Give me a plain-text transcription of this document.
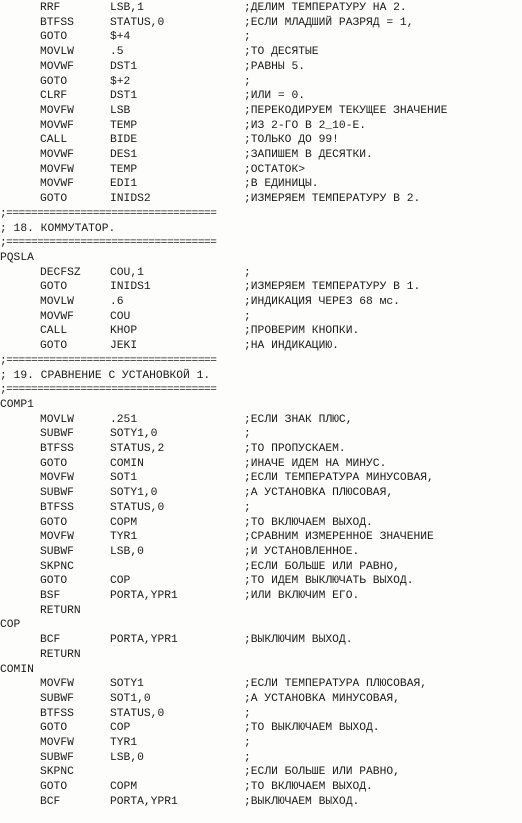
RRF	LSB,1	;ДЕЛИМ ТЕМПЕРАТУРУ НА 2.
BTFSS	STATUS,0	;ЕСЛИ МЛАДШИЙ РАЗРЯД = 1,
GOTO	$+4	;
MOVLW	.5	;ТО ДЕСЯТЫЕ
MOVWF	DST1	;РАВНЫ 5.
GOTO	$+2	;
CLRF	DST1	;ИЛИ = 0.
MOVFW	LSB	;ПЕРЕКОДИРУЕМ ТЕКУЩЕЕ ЗНАЧЕНИЕ
MOVWF	TEMP	;ИЗ 2-ГО В 2_10-Е.
CALL	BIDE	;ТОЛЬКО ДО 99!
MOVWF	DES1	;ЗАПИШЕМ В ДЕСЯТКИ.
MOVFW	TEMP	;ОСТАТОК>
MOVWF	EDI1	;В ЕДИНИЦЫ.
GOTO	INIDS2	;ИЗМЕРЯЕМ ТЕМПЕРАТУРУ В 2.
;==================================
; 18. КОММУТАТОР.
;==================================
PQSLA
DECFSZ	COU,1	;
GOTO	INIDS1	;ИЗМЕРЯЕМ ТЕМПЕРАТУРУ В 1.
MOVLW	.6	;ИНДИКАЦИЯ ЧЕРЕЗ 68 мс.
MOVWF	COU	;
CALL	KHOP	;ПРОВЕРИМ КНОПКИ.
GOTO	JEKI	;НА ИНДИКАЦИЮ.
;==================================
; 19. СРАВНЕНИЕ С УСТАНОВКОЙ 1.
;==================================
COMP1
MOVLW	.251	;ЕСЛИ ЗНАК ПЛЮС,
SUBWF	SOTY1,0	;
BTFSS	STATUS,2	;ТО ПРОПУСКАЕМ.
GOTO	COMIN	;ИНАЧЕ ИДЕМ НА МИНУС.
MOVFW	SOT1	;ЕСЛИ ТЕМПЕРАТУРА МИНУСОВАЯ,
SUBWF	SOTY1,0	;А УСТАНОВКА ПЛЮСОВАЯ,
BTFSS	STATUS,0	;
GOTO	COPM	;ТО ВКЛЮЧАЕМ ВЫХОД.
MOVFW	TYR1	;СРАВНИМ ИЗМЕРЕННОЕ ЗНАЧЕНИЕ
SUBWF	LSB,0	;И УСТАНОВЛЕННОЕ.
SKPNC	;ЕСЛИ БОЛЬШЕ ИЛИ РАВНО,
GOTO	COP	;ТО ИДЕМ ВЫКЛЮЧАТЬ ВЫХОД.
BSF	PORTA,YPR1	;ИЛИ ВКЛЮЧИМ ЕГО.
RETURN
COP
BCF	PORTA,YPR1	;ВЫКЛЮЧИМ ВЫХОД.
RETURN
COMIN
MOVFW	SOTY1	;ЕСЛИ ТЕМПЕРАТУРА ПЛЮСОВАЯ,
SUBWF	SOT1,0	;А УСТАНОВКА МИНУСОВАЯ,
BTFSS	STATUS,0	;
GOTO	COP	;ТО ВЫКЛЮЧАЕМ ВЫХОД.
MOVFW	TYR1	;
SUBWF	LSB,0	;
SKPNC	;ЕСЛИ БОЛЬШЕ ИЛИ РАВНО,
GOTO	COPM	;ТО ВКЛЮЧАЕМ ВЫХОД.
BCF	PORTA,YPR1	;ВЫКЛЮЧАЕМ ВЫХОД.
